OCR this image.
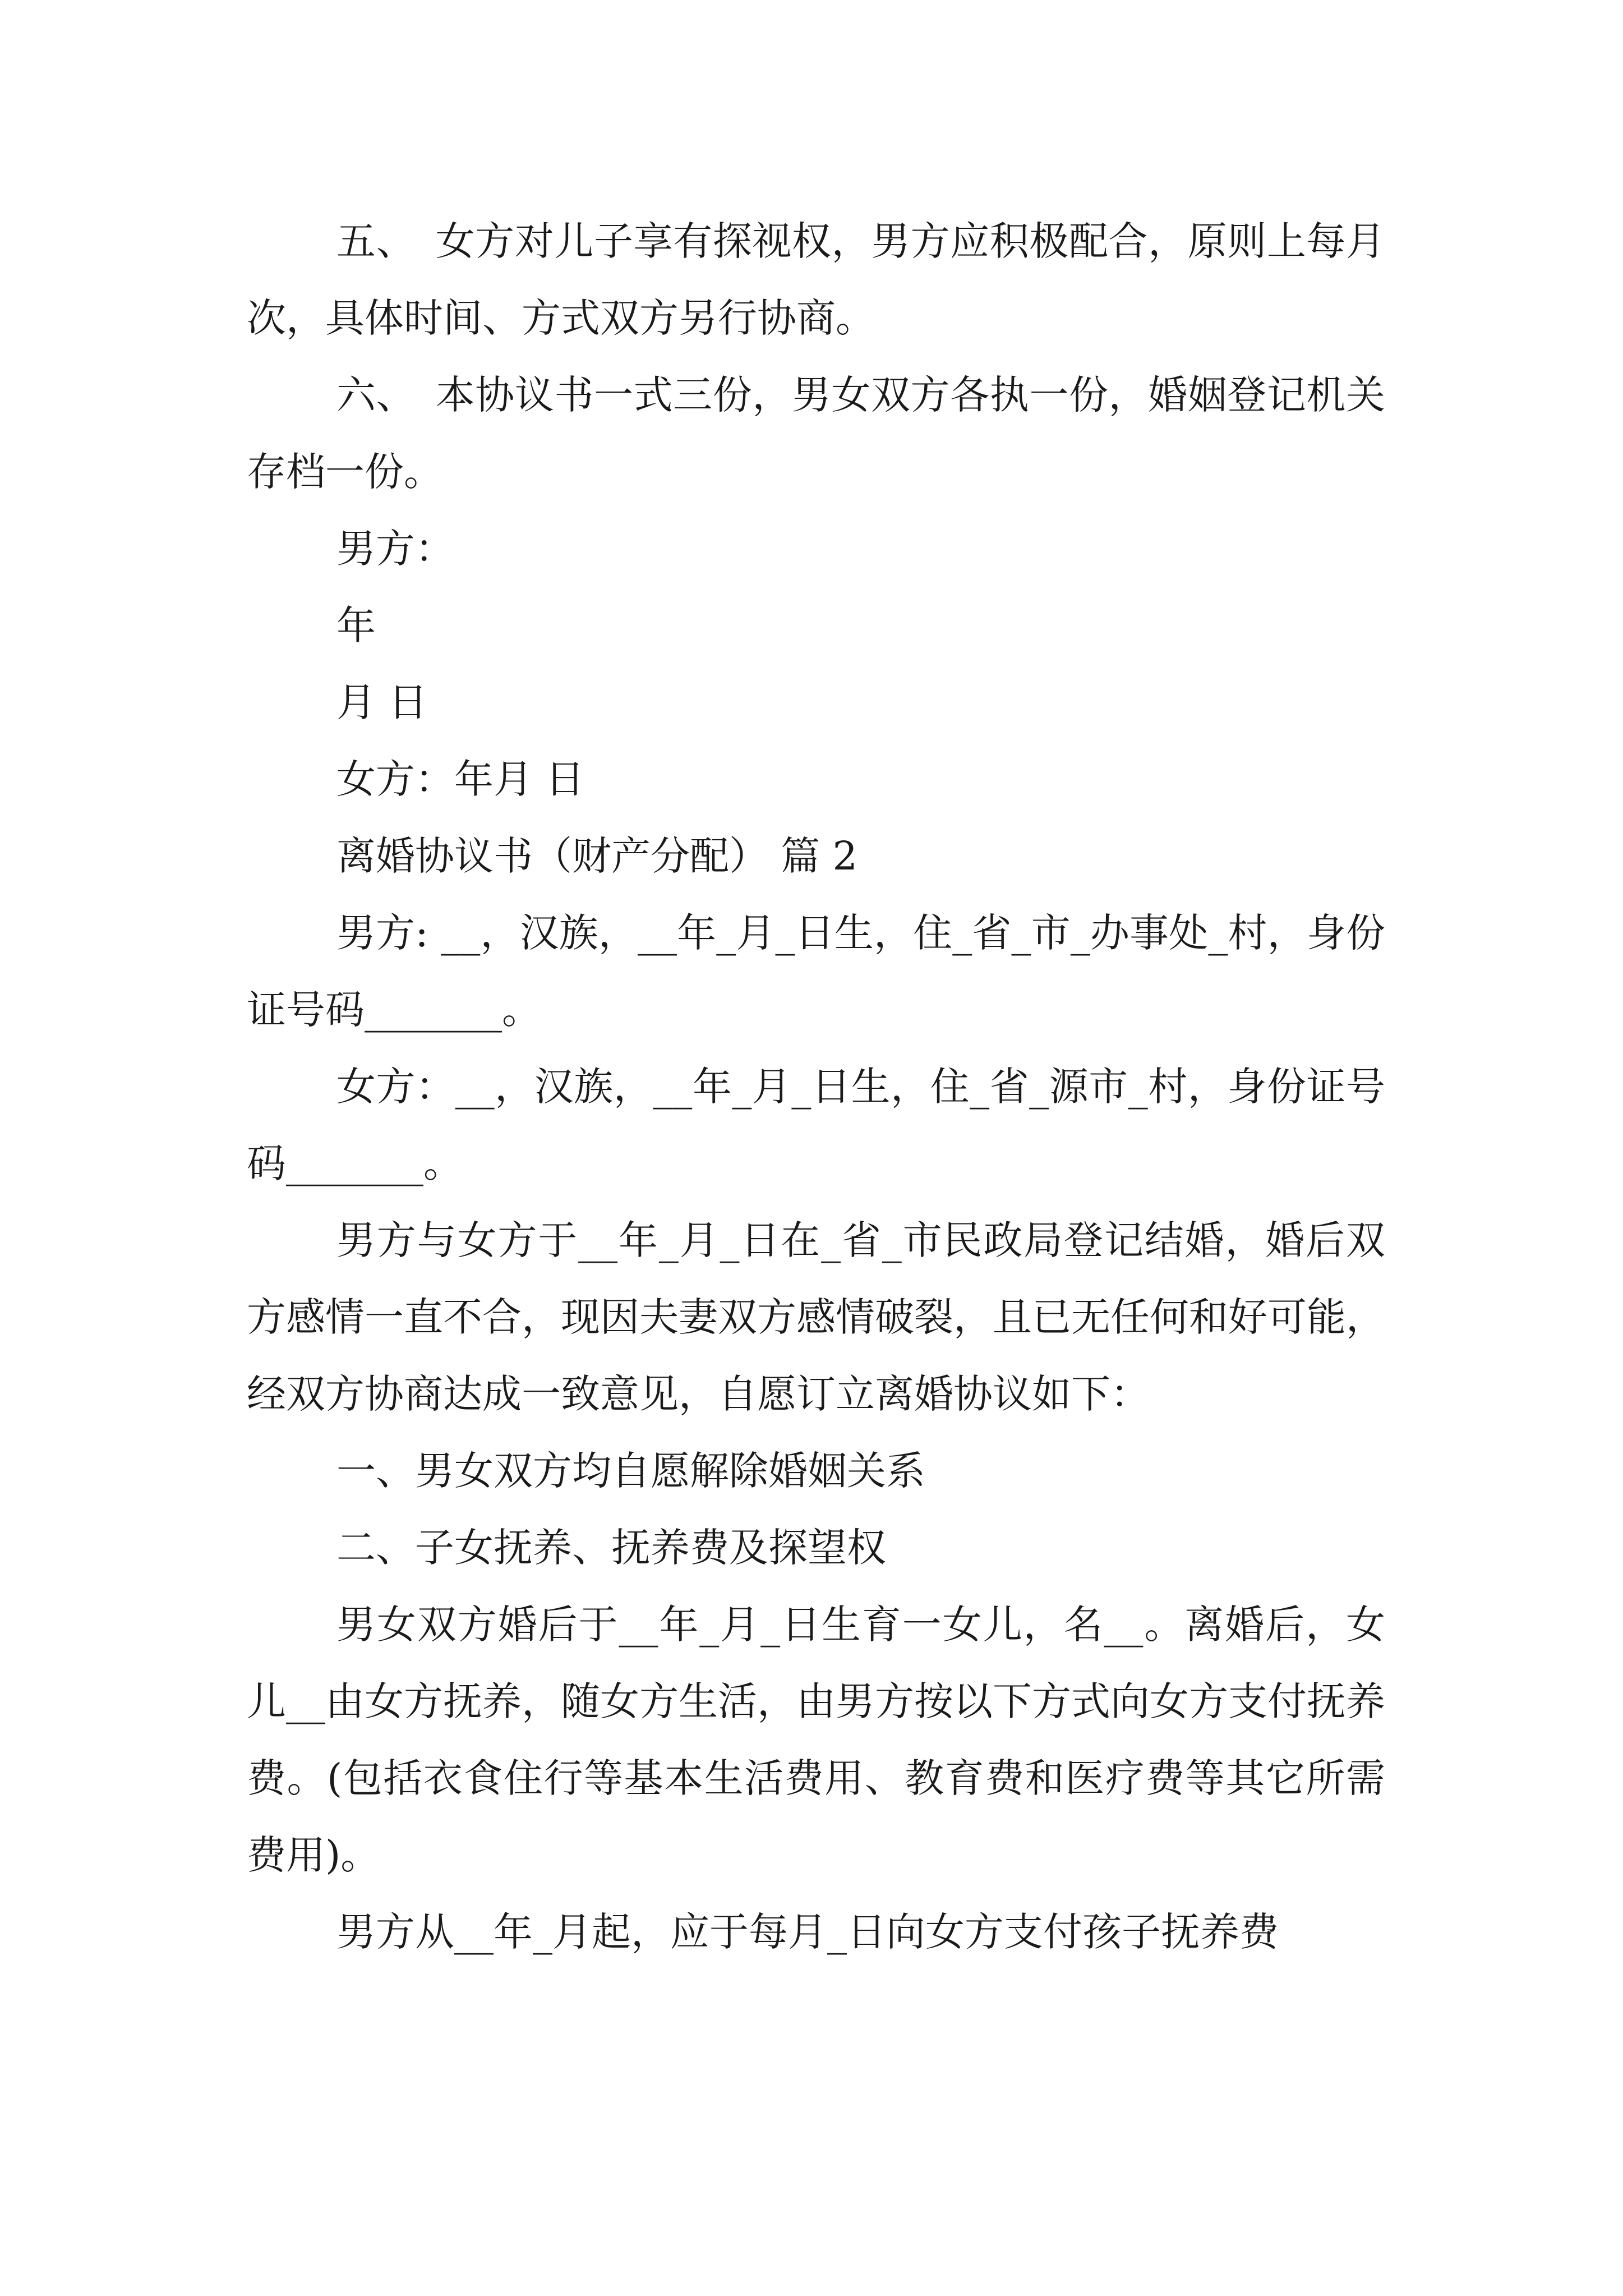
五、　女方对儿子享有探视权，男方应积极配合，原则上每月次，具体时间、方式双方另行协商。

六、　本协议书一式三份，男女双方各执一份，婚姻登记机关存档一份。

男方：

年

月 日

女方：年月 日

离婚协议书（财产分配） 篇 2

男方: __，汉族，__年_月_日生，住_省_市_办事处_村，身份证号码_______。

女方：__，汉族，__年_月_日生，住_省_源市_村，身份证号码_______。

男方与女方于__年_月_日在_省_市民政局登记结婚，婚后双方感情一直不合，现因夫妻双方感情破裂，且已无任何和好可能，经双方协商达成一致意见，自愿订立离婚协议如下：

一、男女双方均自愿解除婚姻关系

二、子女抚养、抚养费及探望权

男女双方婚后于__年_月_日生育一女儿，名__。离婚后，女儿__由女方抚养，随女方生活，由男方按以下方式向女方支付抚养费。(包括衣食住行等基本生活费用、教育费和医疗费等其它所需费用)。

男方从__年_月起，应于每月_日向女方支付孩子抚养费
